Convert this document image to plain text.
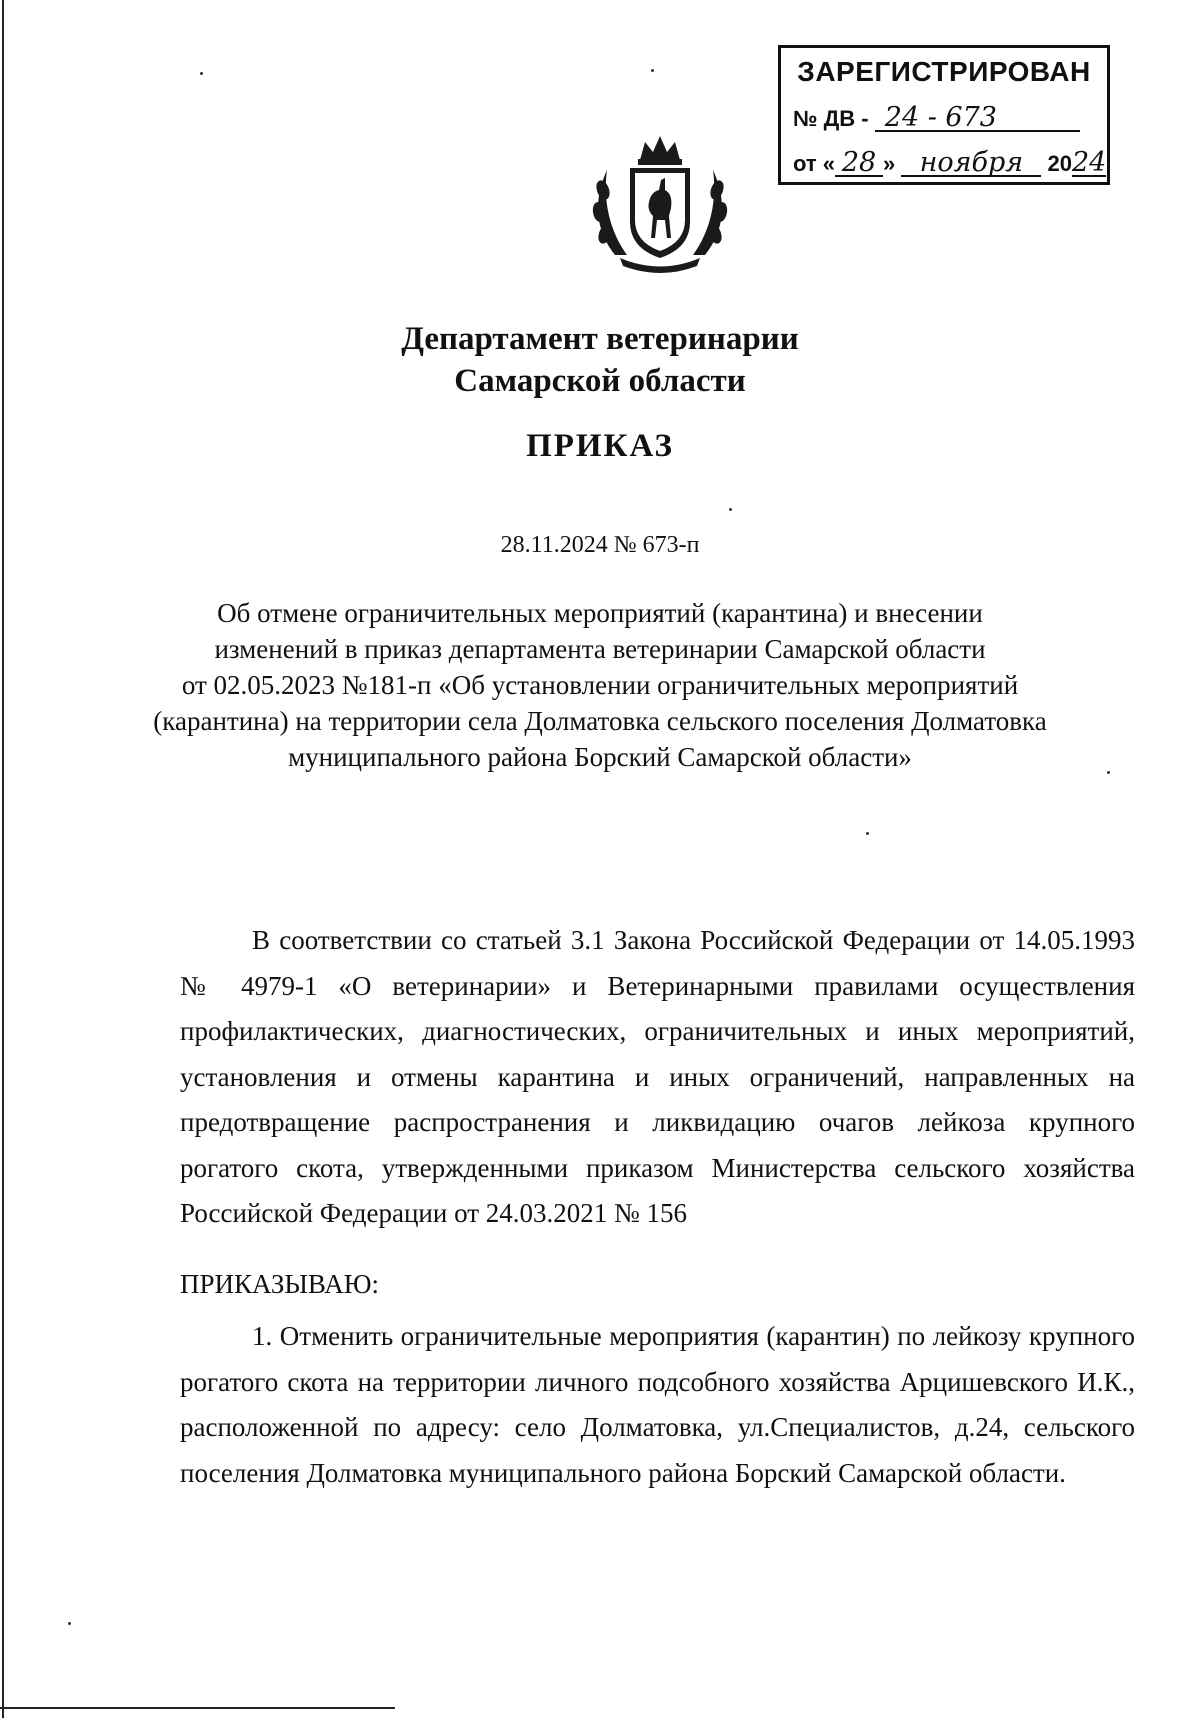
ЗАРЕГИСТРИРОВАН
№ ДВ - 24 - 673
от « 28 » ноября 2024
Департамент ветеринарии
Самарской области
ПРИКАЗ
28.11.2024 № 673-п
Об отмене ограничительных мероприятий (карантина) и внесении
изменений в приказ департамента ветеринарии Самарской области
от 02.05.2023 №181-п «Об установлении ограничительных мероприятий
(карантина) на территории села Долматовка сельского поселения Долматовка
муниципального района Борский Самарской области»

В соответствии со статьей 3.1 Закона Российской Федерации от 14.05.1993 № 4979-1 «О ветеринарии» и Ветеринарными правилами осуществления профилактических, диагностических, ограничительных и иных мероприятий, установления и отмены карантина и иных ограничений, направленных на предотвращение распространения и ликвидацию очагов лейкоза крупного рогатого скота, утвержденными приказом Министерства сельского хозяйства Российской Федерации от 24.03.2021 № 156

ПРИКАЗЫВАЮ:

1. Отменить ограничительные мероприятия (карантин) по лейкозу крупного рогатого скота на территории личного подсобного хозяйства Арцишевского И.К., расположенной по адресу: село Долматовка, ул.Специалистов, д.24, сельского поселения Долматовка муниципального района Борский Самарской области.
